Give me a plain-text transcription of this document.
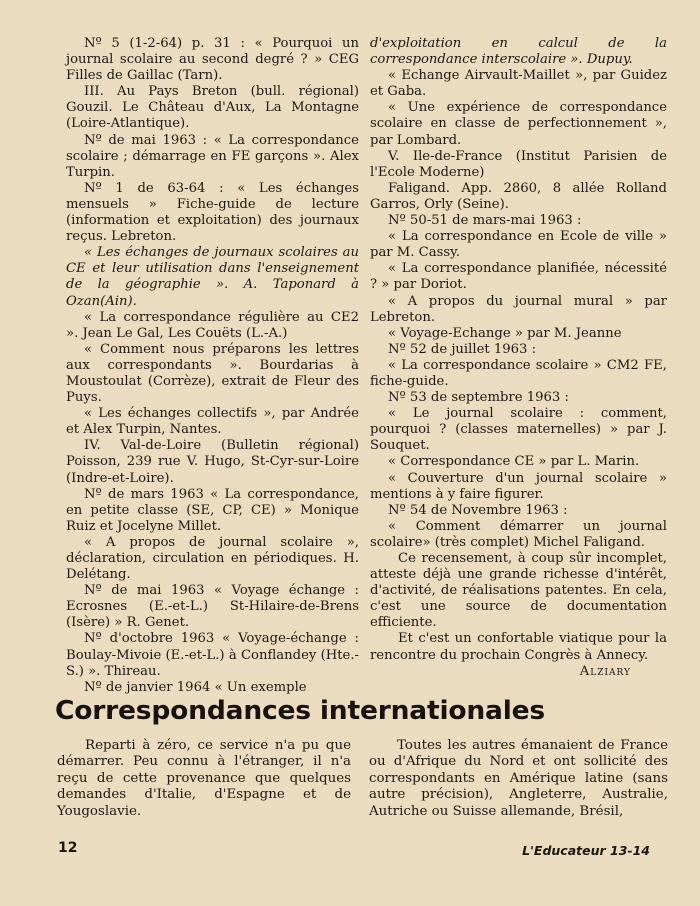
Nº 5 (1-2-64) p. 31 : « Pourquoi un journal scolaire au second degré ? » CEG Filles de Gaillac (Tarn).

III. Au Pays Breton (bull. régional) Gouzil. Le Château d'Aux, La Montagne (Loire-Atlantique).

Nº de mai 1963 : « La correspondance scolaire ; démarrage en FE garçons ». Alex Turpin.

Nº 1 de 63-64 : « Les échanges mensuels » Fiche-guide de lecture (information et exploitation) des journaux reçus. Lebreton.

« Les échanges de journaux scolaires au CE et leur utilisation dans l'enseignement de la géographie ». A. Taponard à Ozan(Ain).

« La correspondance régulière au CE2 ». Jean Le Gal, Les Couëts (L.-A.)

« Comment nous préparons les lettres aux correspondants ». Bourdarias à Moustoulat (Corrèze), extrait de Fleur des Puys.

« Les échanges collectifs », par Andrée et Alex Turpin, Nantes.

IV. Val-de-Loire (Bulletin régional) Poisson, 239 rue V. Hugo, St-Cyr-sur-Loire (Indre-et-Loire).

Nº de mars 1963 « La correspondance, en petite classe (SE, CP, CE) » Monique Ruiz et Jocelyne Millet.

« A propos de journal scolaire », déclaration, circulation en périodiques. H. Delétang.

Nº de mai 1963 « Voyage échange : Ecrosnes (E.-et-L.) St-Hilaire-de-Brens (Isère) » R. Genet.

Nº d'octobre 1963 « Voyage-échange : Boulay-Mivoie (E.-et-L.) à Conflandey (Hte.-S.) ». Thireau.

Nº de janvier 1964 « Un exemple

d'exploitation en calcul de la correspondance interscolaire ». Dupuy.

« Echange Airvault-Maillet », par Guidez et Gaba.

« Une expérience de correspondance scolaire en classe de perfectionnement », par Lombard.

V. Ile-de-France (Institut Parisien de l'Ecole Moderne)

Faligand. App. 2860, 8 allée Rolland Garros, Orly (Seine).

Nº 50-51 de mars-mai 1963 :

« La correspondance en Ecole de ville » par M. Cassy.

« La correspondance planifiée, nécessité ? » par Doriot.

« A propos du journal mural » par Lebreton.

« Voyage-Echange » par M. Jeanne

Nº 52 de juillet 1963 :

« La correspondance scolaire » CM2 FE, fiche-guide.

Nº 53 de septembre 1963 :

« Le journal scolaire : comment, pourquoi ? (classes maternelles) » par J. Souquet.

« Correspondance CE » par L. Marin.

« Couverture d'un journal scolaire » mentions à y faire figurer.

Nº 54 de Novembre 1963 :

« Comment démarrer un journal scolaire» (très complet) Michel Faligand.

Ce recensement, à coup sûr incomplet, atteste déjà une grande richesse d'intérêt, d'activité, de réalisations patentes. En cela, c'est une source de documentation efficiente.

Et c'est un confortable viatique pour la rencontre du prochain Congrès à Annecy.

Alziary

Correspondances internationales

Reparti à zéro, ce service n'a pu que démarrer. Peu connu à l'étranger, il n'a reçu de cette provenance que quelques demandes d'Italie, d'Espagne et de Yougoslavie.

Toutes les autres émanaient de France ou d'Afrique du Nord et ont sollicité des correspondants en Amérique latine (sans autre précision), Angleterre, Australie, Autriche ou Suisse allemande, Brésil,

12	L'Educateur 13-14
